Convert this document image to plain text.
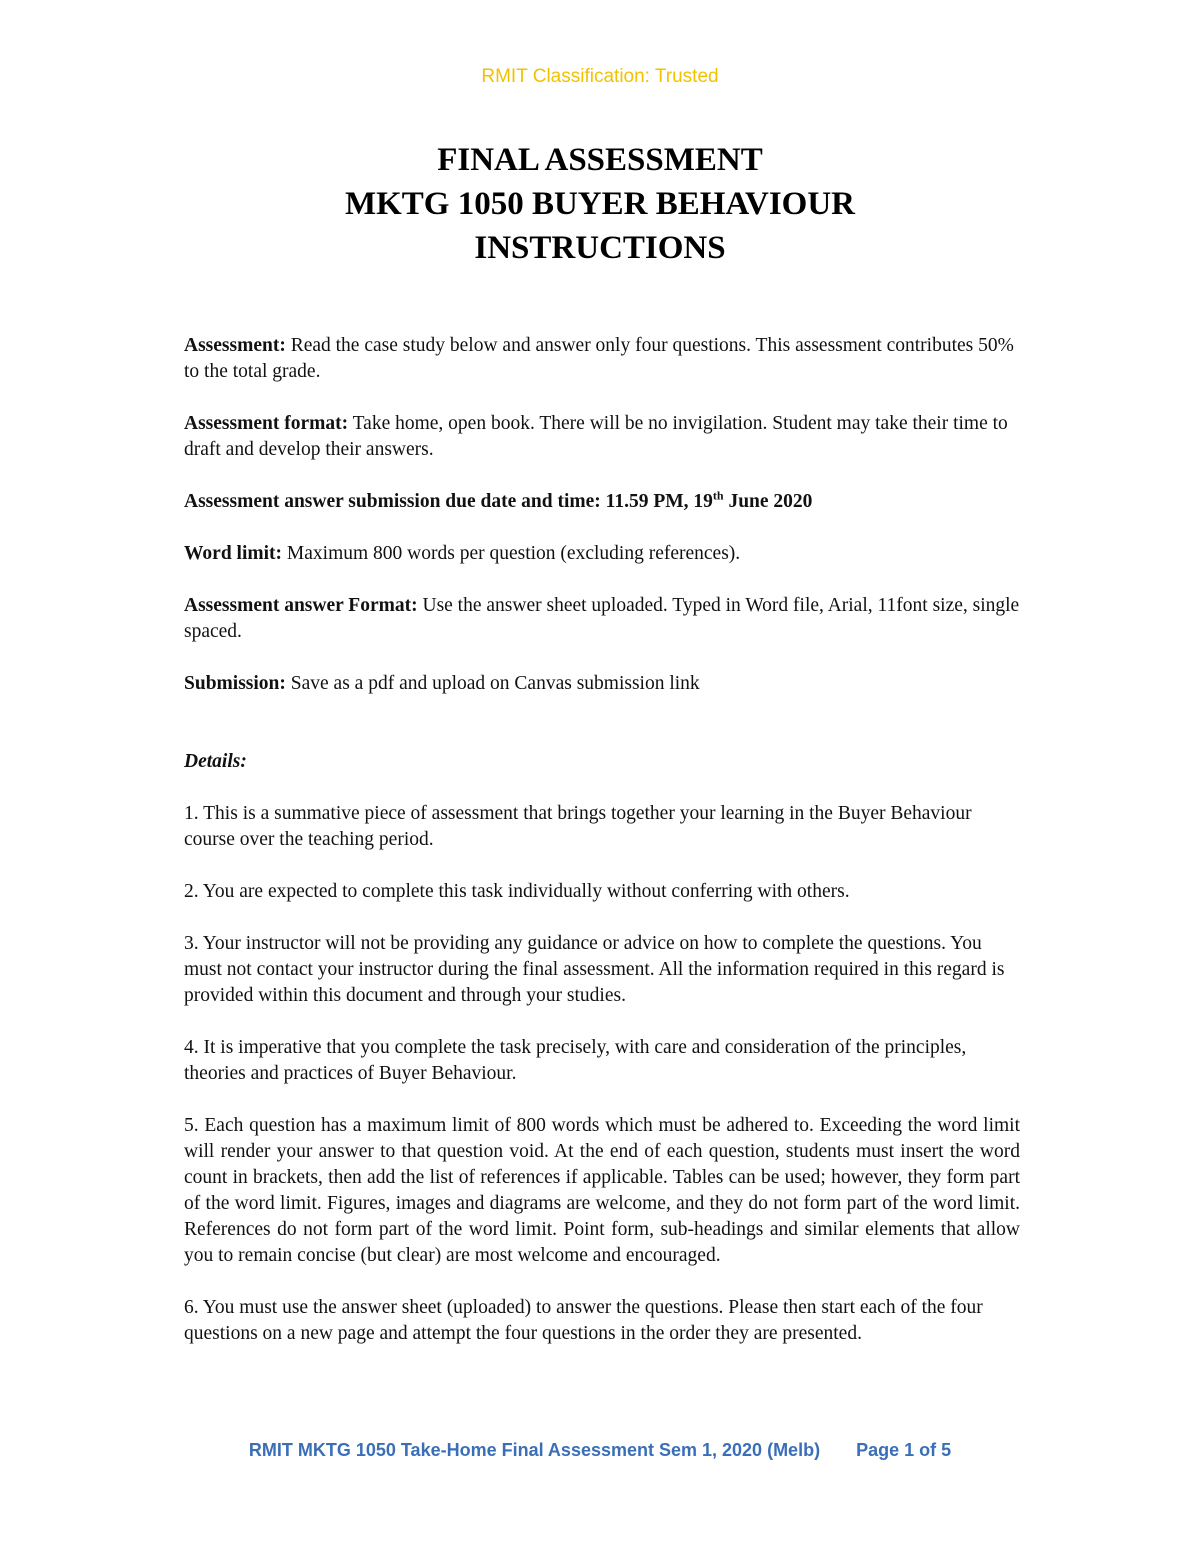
RMIT Classification: Trusted
FINAL ASSESSMENT
MKTG 1050 BUYER BEHAVIOUR
INSTRUCTIONS

Assessment: Read the case study below and answer only four questions. This assessment contributes 50% to the total grade.

Assessment format: Take home, open book. There will be no invigilation. Student may take their time to draft and develop their answers.

Assessment answer submission due date and time: 11.59 PM, 19th June 2020

Word limit: Maximum 800 words per question (excluding references).

Assessment answer Format: Use the answer sheet uploaded. Typed in Word file, Arial, 11font size, single spaced.

Submission: Save as a pdf and upload on Canvas submission link

Details:

1. This is a summative piece of assessment that brings together your learning in the Buyer Behaviour course over the teaching period.

2. You are expected to complete this task individually without conferring with others.

3. Your instructor will not be providing any guidance or advice on how to complete the questions. You must not contact your instructor during the final assessment. All the information required in this regard is provided within this document and through your studies.

4. It is imperative that you complete the task precisely, with care and consideration of the principles, theories and practices of Buyer Behaviour.

5. Each question has a maximum limit of 800 words which must be adhered to. Exceeding the word limit will render your answer to that question void. At the end of each question, students must insert the word count in brackets, then add the list of references if applicable. Tables can be used; however, they form part of the word limit. Figures, images and diagrams are welcome, and they do not form part of the word limit. References do not form part of the word limit. Point form, sub-headings and similar elements that allow you to remain concise (but clear) are most welcome and encouraged.

6. You must use the answer sheet (uploaded) to answer the questions. Please then start each of the four questions on a new page and attempt the four questions in the order they are presented.

RMIT MKTG 1050 Take-Home Final Assessment Sem 1, 2020 (Melb) Page 1 of 5
